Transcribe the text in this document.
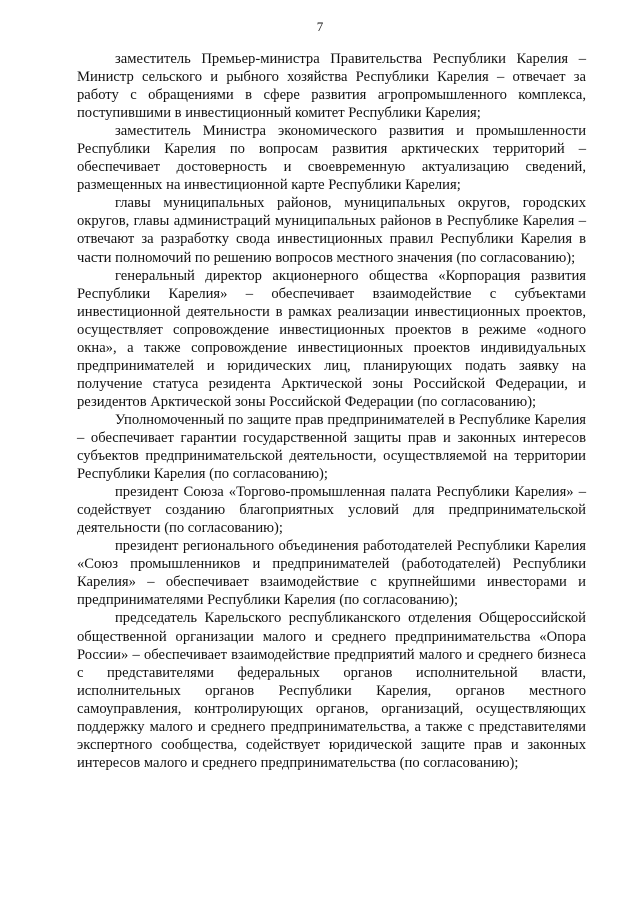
7

заместитель Премьер-министра Правительства Республики Карелия – Министр сельского и рыбного хозяйства Республики Карелия – отвечает за работу с обращениями в сфере развития агропромышленного комплекса, поступившими в инвестиционный комитет Республики Карелия;

заместитель Министра экономического развития и промышленности Республики Карелия по вопросам развития арктических территорий – обеспечивает достоверность и своевременную актуализацию сведений, размещенных на инвестиционной карте Республики Карелия;

главы муниципальных районов, муниципальных округов, городских округов, главы администраций муниципальных районов в Республике Карелия – отвечают за разработку свода инвестиционных правил Республики Карелия в части полномочий по решению вопросов местного значения (по согласованию);

генеральный директор акционерного общества «Корпорация развития Республики Карелия» – обеспечивает взаимодействие с субъектами инвестиционной деятельности в рамках реализации инвестиционных проектов, осуществляет сопровождение инвестиционных проектов в режиме «одного окна», а также сопровождение инвестиционных проектов индивидуальных предпринимателей и юридических лиц, планирующих подать заявку на получение статуса резидента Арктической зоны Российской Федерации, и резидентов Арктической зоны Российской Федерации (по согласованию);

Уполномоченный по защите прав предпринимателей в Республике Карелия – обеспечивает гарантии государственной защиты прав и законных интересов субъектов предпринимательской деятельности, осуществляемой на территории Республики Карелия (по согласованию);

президент Союза «Торгово-промышленная палата Республики Карелия» – содействует созданию благоприятных условий для предпринимательской деятельности (по согласованию);

президент регионального объединения работодателей Республики Карелия «Союз промышленников и предпринимателей (работодателей) Республики Карелия» – обеспечивает взаимодействие с крупнейшими инвесторами и предпринимателями Республики Карелия (по согласованию);

председатель Карельского республиканского отделения Общероссийской общественной организации малого и среднего предпринимательства «Опора России» – обеспечивает взаимодействие предприятий малого и среднего бизнеса с представителями федеральных органов исполнительной власти, исполнительных органов Республики Карелия, органов местного самоуправления, контролирующих органов, организаций, осуществляющих поддержку малого и среднего предпринимательства, а также с представителями экспертного сообщества, содействует юридической защите прав и законных интересов малого и среднего предпринимательства (по согласованию);
